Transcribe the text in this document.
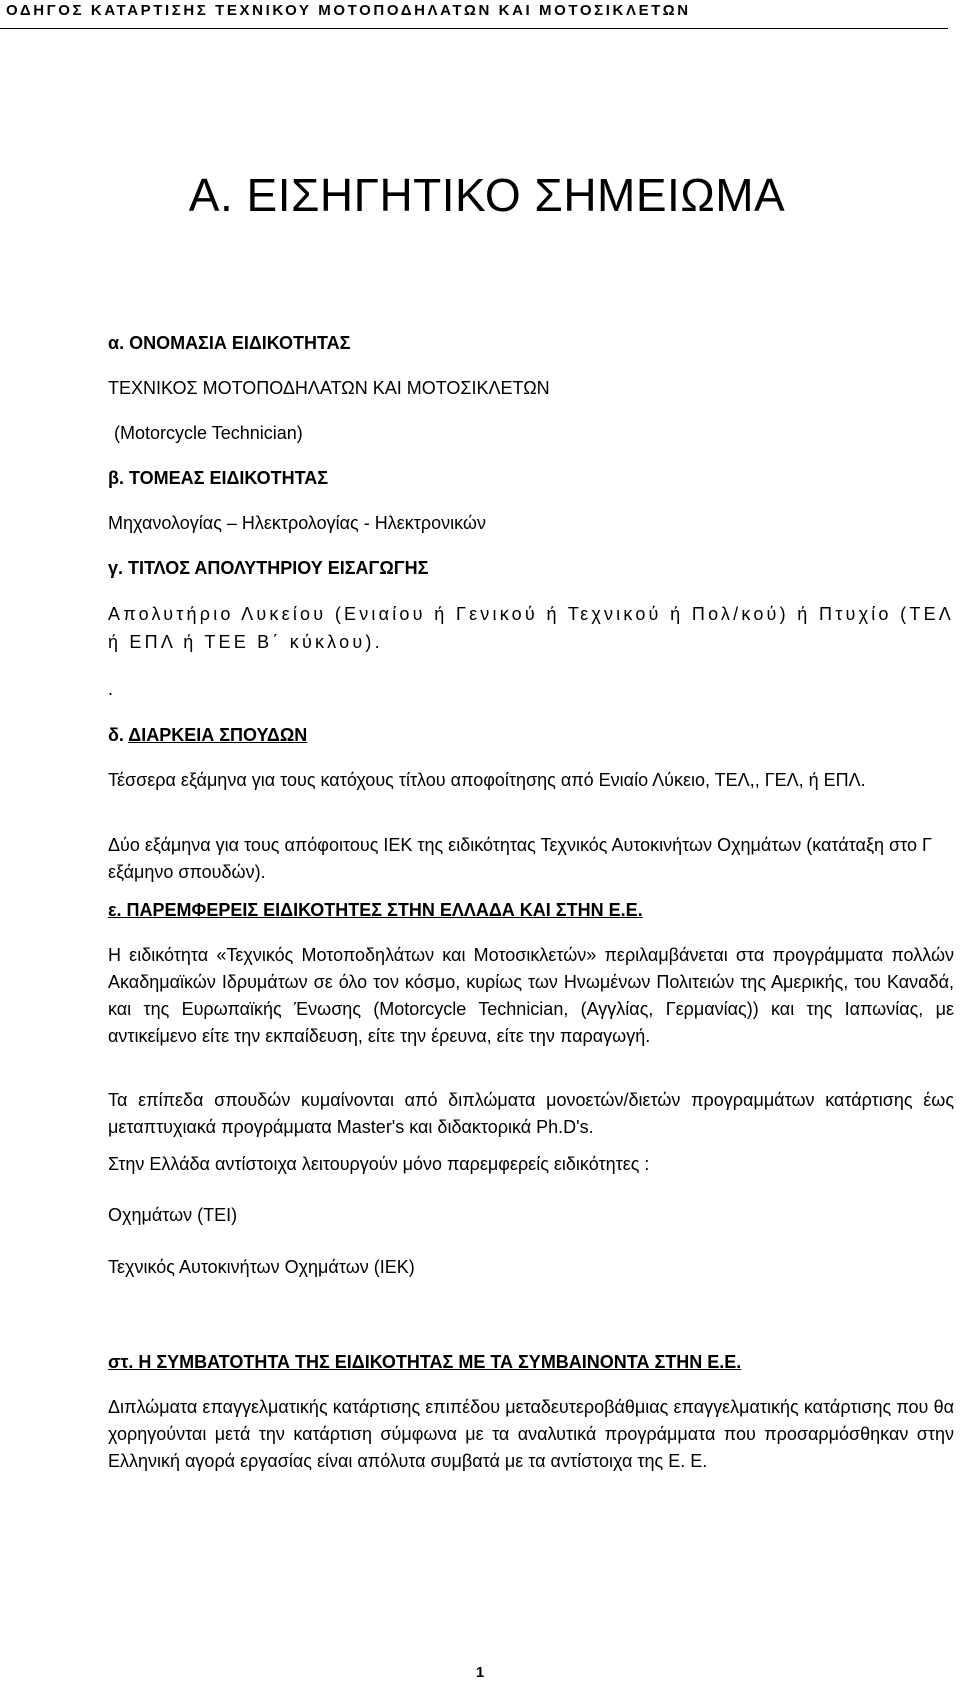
ΟΔΗΓΟΣ ΚΑΤΑΡΤΙΣΗΣ ΤΕΧΝΙΚΟΥ ΜΟΤΟΠΟΔΗΛΑΤΩΝ ΚΑΙ ΜΟΤΟΣΙΚΛΕΤΩΝ
Α. ΕΙΣΗΓΗΤΙΚΟ ΣΗΜΕΙΩΜΑ

α. ΟΝΟΜΑΣΙΑ ΕΙΔΙΚΟΤΗΤΑΣ

ΤΕΧΝΙΚΟΣ ΜΟΤΟΠΟΔΗΛΑΤΩΝ ΚΑΙ ΜΟΤΟΣΙΚΛΕΤΩΝ

(Motorcycle Technician)

β. ΤΟΜΕΑΣ ΕΙΔΙΚΟΤΗΤΑΣ

Μηχανολογίας – Ηλεκτρολογίας - Ηλεκτρονικών

γ. ΤΙΤΛΟΣ ΑΠΟΛΥΤΗΡΙΟΥ ΕΙΣΑΓΩΓΗΣ

Απολυτήριο Λυκείου (Ενιαίου ή Γενικού ή Τεχνικού ή Πολ/κού) ή Πτυχίο (ΤΕΛ ή ΕΠΛ ή ΤΕΕ Β΄ κύκλου).

.

δ. ΔΙΑΡΚΕΙΑ ΣΠΟΥΔΩΝ

Τέσσερα εξάμηνα για τους κατόχους τίτλου αποφοίτησης από Ενιαίο Λύκειο, ΤΕΛ,, ΓΕΛ, ή ΕΠΛ.

Δύο εξάμηνα για τους απόφοιτους ΙΕΚ της ειδικότητας Τεχνικός Αυτοκινήτων Οχημάτων (κατάταξη στο Γ εξάμηνο σπουδών).

ε. ΠΑΡΕΜΦΕΡΕΙΣ ΕΙΔΙΚΟΤΗΤΕΣ ΣΤΗΝ ΕΛΛΑΔΑ ΚΑΙ ΣΤΗΝ Ε.Ε.

Η ειδικότητα «Τεχνικός Μοτοποδηλάτων και Μοτοσικλετών» περιλαμβάνεται στα προγράμματα πολλών Ακαδημαϊκών Ιδρυμάτων σε όλο τον κόσμο, κυρίως των Ηνωμένων Πολιτειών της Αμερικής, του Καναδά, και της Ευρωπαϊκής Ένωσης (Motorcycle Technician, (Αγγλίας, Γερμανίας)) και της Ιαπωνίας, με αντικείμενο είτε την εκπαίδευση, είτε την έρευνα, είτε την παραγωγή.

Τα επίπεδα σπουδών κυμαίνονται από διπλώματα μονοετών/διετών προγραμμάτων κατάρτισης έως μεταπτυχιακά προγράμματα Master's και διδακτορικά Ph.D's.

Στην Ελλάδα αντίστοιχα λειτουργούν μόνο παρεμφερείς ειδικότητες :

Οχημάτων (ΤΕΙ)

Τεχνικός Αυτοκινήτων Οχημάτων (ΙΕΚ)

στ. Η ΣΥΜΒΑΤΟΤΗΤΑ ΤΗΣ ΕΙΔΙΚΟΤΗΤΑΣ ΜΕ ΤΑ ΣΥΜΒΑΙΝΟΝΤΑ ΣΤΗΝ Ε.Ε.

Διπλώματα επαγγελματικής κατάρτισης επιπέδου μεταδευτεροβάθμιας επαγγελματικής κατάρτισης που θα χορηγούνται μετά την κατάρτιση σύμφωνα με τα αναλυτικά προγράμματα που προσαρμόσθηκαν στην Ελληνική αγορά εργασίας είναι απόλυτα συμβατά με τα αντίστοιχα της Ε. Ε.

1
